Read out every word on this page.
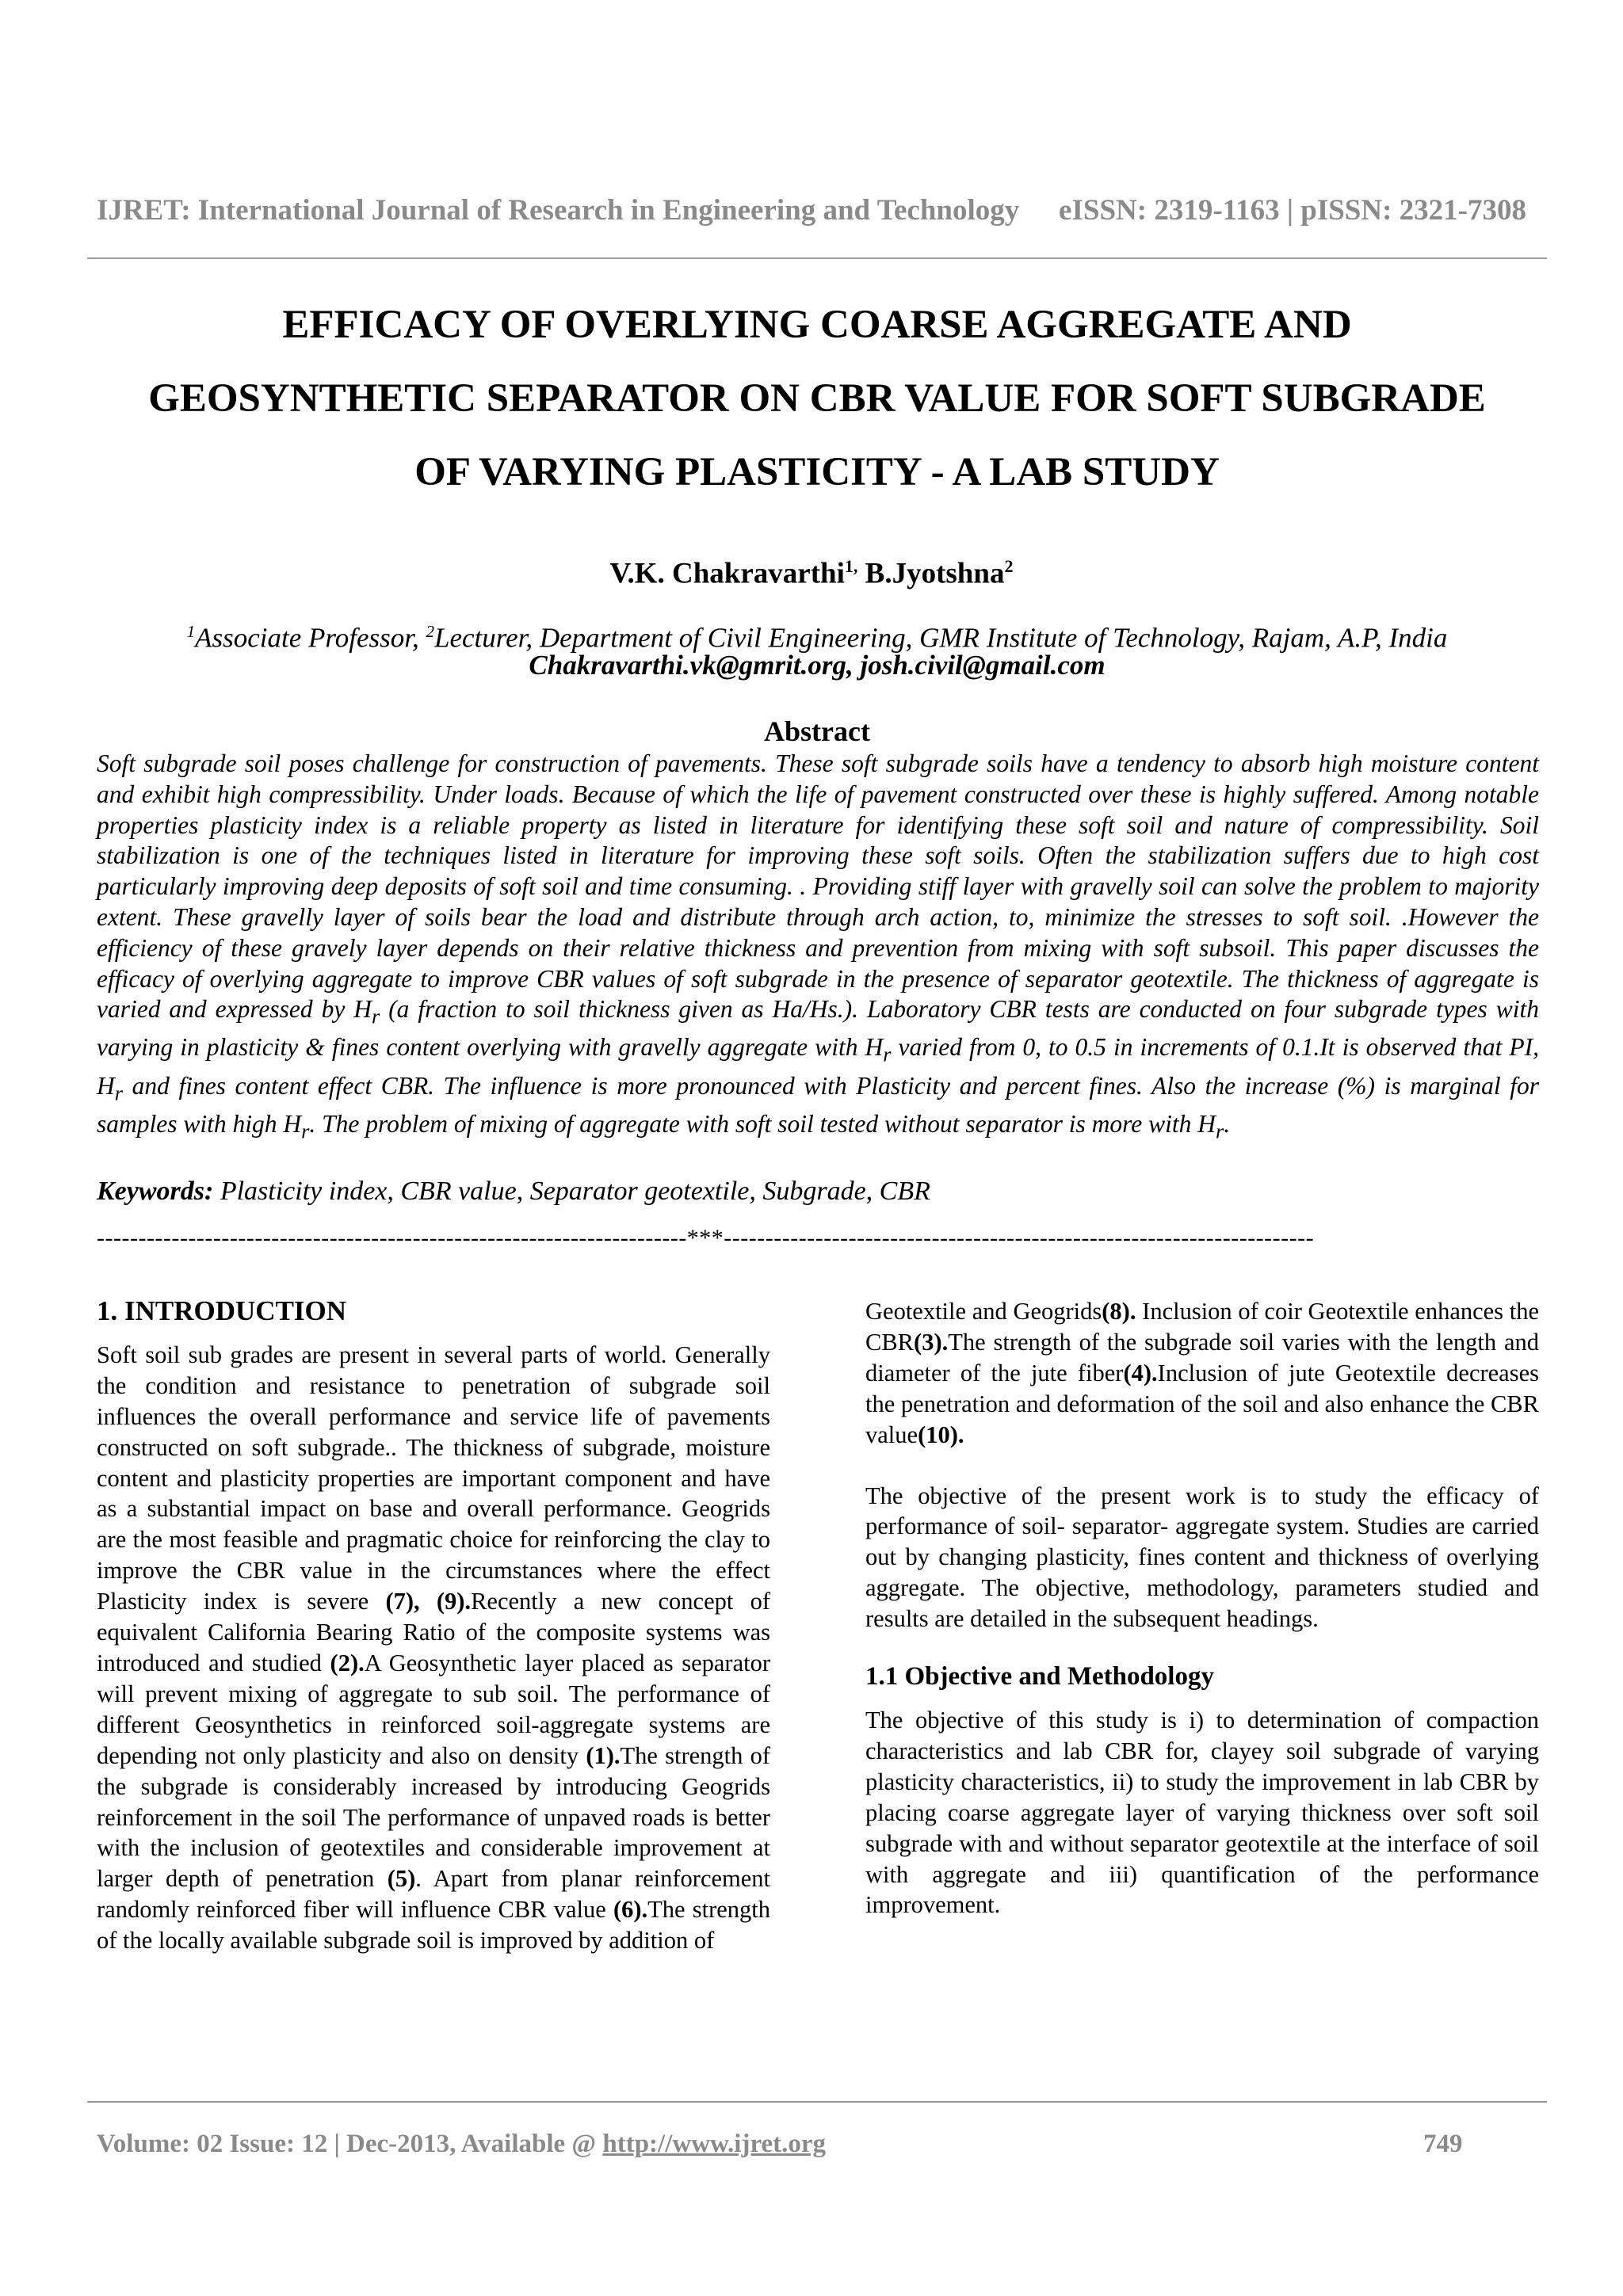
IJRET: International Journal of Research in Engineering and Technology eISSN: 2319-1163 | pISSN: 2321-7308
EFFICACY OF OVERLYING COARSE AGGREGATE AND
GEOSYNTHETIC SEPARATOR ON CBR VALUE FOR SOFT SUBGRADE
OF VARYING PLASTICITY - A LAB STUDY
V.K. Chakravarthi$^{1,}$ B.Jyotshna$^2$
$^1$Associate Professor, $^2$Lecturer, Department of Civil Engineering, GMR Institute of Technology, Rajam, A.P, India
Chakravarthi.vk@gmrit.org, josh.civil@gmail.com
Abstract
Soft subgrade soil poses challenge for construction of pavements. These soft subgrade soils have a tendency to absorb high moisture content and exhibit high compressibility. Under loads. Because of which the life of pavement constructed over these is highly suffered. Among notable properties plasticity index is a reliable property as listed in literature for identifying these soft soil and nature of compressibility. Soil stabilization is one of the techniques listed in literature for improving these soft soils. Often the stabilization suffers due to high cost particularly improving deep deposits of soft soil and time consuming. . Providing stiff layer with gravelly soil can solve the problem to majority extent. These gravelly layer of soils bear the load and distribute through arch action, to, minimize the stresses to soft soil. .However the efficiency of these gravely layer depends on their relative thickness and prevention from mixing with soft subsoil. This paper discusses the efficacy of overlying aggregate to improve CBR values of soft subgrade in the presence of separator geotextile. The thickness of aggregate is varied and expressed by $H_r$ (a fraction to soil thickness given as Ha/Hs.). Laboratory CBR tests are conducted on four subgrade types with varying in plasticity & fines content overlying with gravelly aggregate with $H_r$ varied from 0, to 0.5 in increments of 0.1.It is observed that PI, $H_r$ and fines content effect CBR. The influence is more pronounced with Plasticity and percent fines. Also the increase (%) is marginal for samples with high $H_r$. The problem of mixing of aggregate with soft soil tested without separator is more with $H_r$.
Keywords: Plasticity index, CBR value, Separator geotextile, Subgrade, CBR
-----------------------------------------------------------------------***-----------------------------------------------------------------------
1. INTRODUCTION

Soft soil sub grades are present in several parts of world. Generally the condition and resistance to penetration of subgrade soil influences the overall performance and service life of pavements constructed on soft subgrade.. The thickness of subgrade, moisture content and plasticity properties are important component and have as a substantial impact on base and overall performance. Geogrids are the most feasible and pragmatic choice for reinforcing the clay to improve the CBR value in the circumstances where the effect Plasticity index is severe (7), (9).Recently a new concept of equivalent California Bearing Ratio of the composite systems was introduced and studied (2).A Geosynthetic layer placed as separator will prevent mixing of aggregate to sub soil. The performance of different Geosynthetics in reinforced soil-aggregate systems are depending not only plasticity and also on density (1).The strength of the subgrade is considerably increased by introducing Geogrids reinforcement in the soil The performance of unpaved roads is better with the inclusion of geotextiles and considerable improvement at larger depth of penetration (5). Apart from planar reinforcement randomly reinforced fiber will influence CBR value (6).The strength of the locally available subgrade soil is improved by addition of

Geotextile and Geogrids(8). Inclusion of coir Geotextile enhances the CBR(3).The strength of the subgrade soil varies with the length and diameter of the jute fiber(4).Inclusion of jute Geotextile decreases the penetration and deformation of the soil and also enhance the CBR value(10).

The objective of the present work is to study the efficacy of performance of soil- separator- aggregate system. Studies are carried out by changing plasticity, fines content and thickness of overlying aggregate. The objective, methodology, parameters studied and results are detailed in the subsequent headings.

1.1 Objective and Methodology

The objective of this study is i) to determination of compaction characteristics and lab CBR for, clayey soil subgrade of varying plasticity characteristics, ii) to study the improvement in lab CBR by placing coarse aggregate layer of varying thickness over soft soil subgrade with and without separator geotextile at the interface of soil with aggregate and iii) quantification of the performance improvement.

Volume: 02 Issue: 12 | Dec-2013, Available @ http://www.ijret.org	749
